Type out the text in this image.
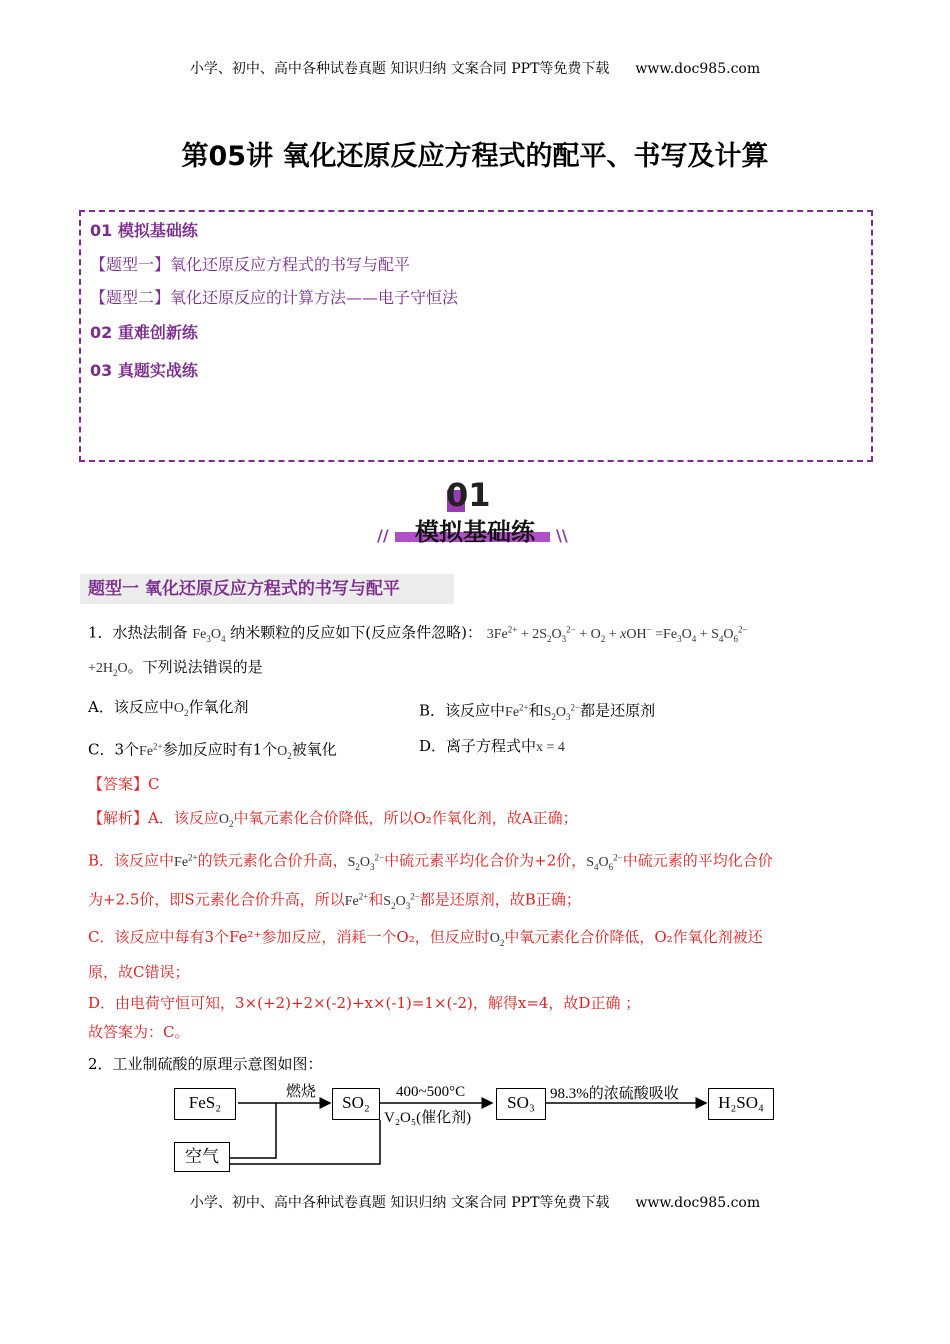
小学、初中、高中各种试卷真题 知识归纳 文案合同 PPT等免费下载 www.doc985.com
第05讲 氧化还原反应方程式的配平、书写及计算
01 模拟基础练
【题型一】氧化还原反应方程式的书写与配平
【题型二】氧化还原反应的计算方法——电子守恒法
02 重难创新练
03 真题实战练
01
模拟基础练
//	\\
题型一 氧化还原反应方程式的书写与配平
1．水热法制备 $Fe_3O_4$ 纳米颗粒的反应如下(反应条件忽略)： $3Fe^{2+} + 2S_2O_3^{2-} + O_2 + xOH^- =Fe_3O_4 + S_4O_6^{2-}$
$+2H_2O$。下列说法错误的是
A．该反应中$O_2$作氧化剂	B．该反应中$Fe^{2+}$和$S_2O_3^{2-}$都是还原剂
C．3个$Fe^{2+}$参加反应时有1个$O_2$被氧化	D．离子方程式中x = 4
【答案】C
【解析】A．该反应$O_2$中氧元素化合价降低，所以O₂作氧化剂，故A正确；
B．该反应中$Fe^{2+}$的铁元素化合价升高，$S_2O_3^{2-}$中硫元素平均化合价为+2价，$S_4O_6^{2-}$中硫元素的平均化合价
为+2.5价，即S元素化合价升高，所以$Fe^{2+}$和$S_2O_3^{2-}$都是还原剂，故B正确；
C．该反应中每有3个Fe²⁺参加反应，消耗一个O₂，但反应时$O_2$中氧元素化合价降低，O₂作氧化剂被还
原，故C错误；
D．由电荷守恒可知，3×(+2)+2×(-2)+x×(-1)=1×(-2)，解得x=4，故D正确 ；
故答案为：C。
2．工业制硫酸的原理示意图如图：
FeS₂	SO₂	SO₃	H₂SO₄
空气
燃烧	400~500°C
V₂O₅(催化剂)
98.3%的浓硫酸吸收
小学、初中、高中各种试卷真题 知识归纳 文案合同 PPT等免费下载 www.doc985.com
